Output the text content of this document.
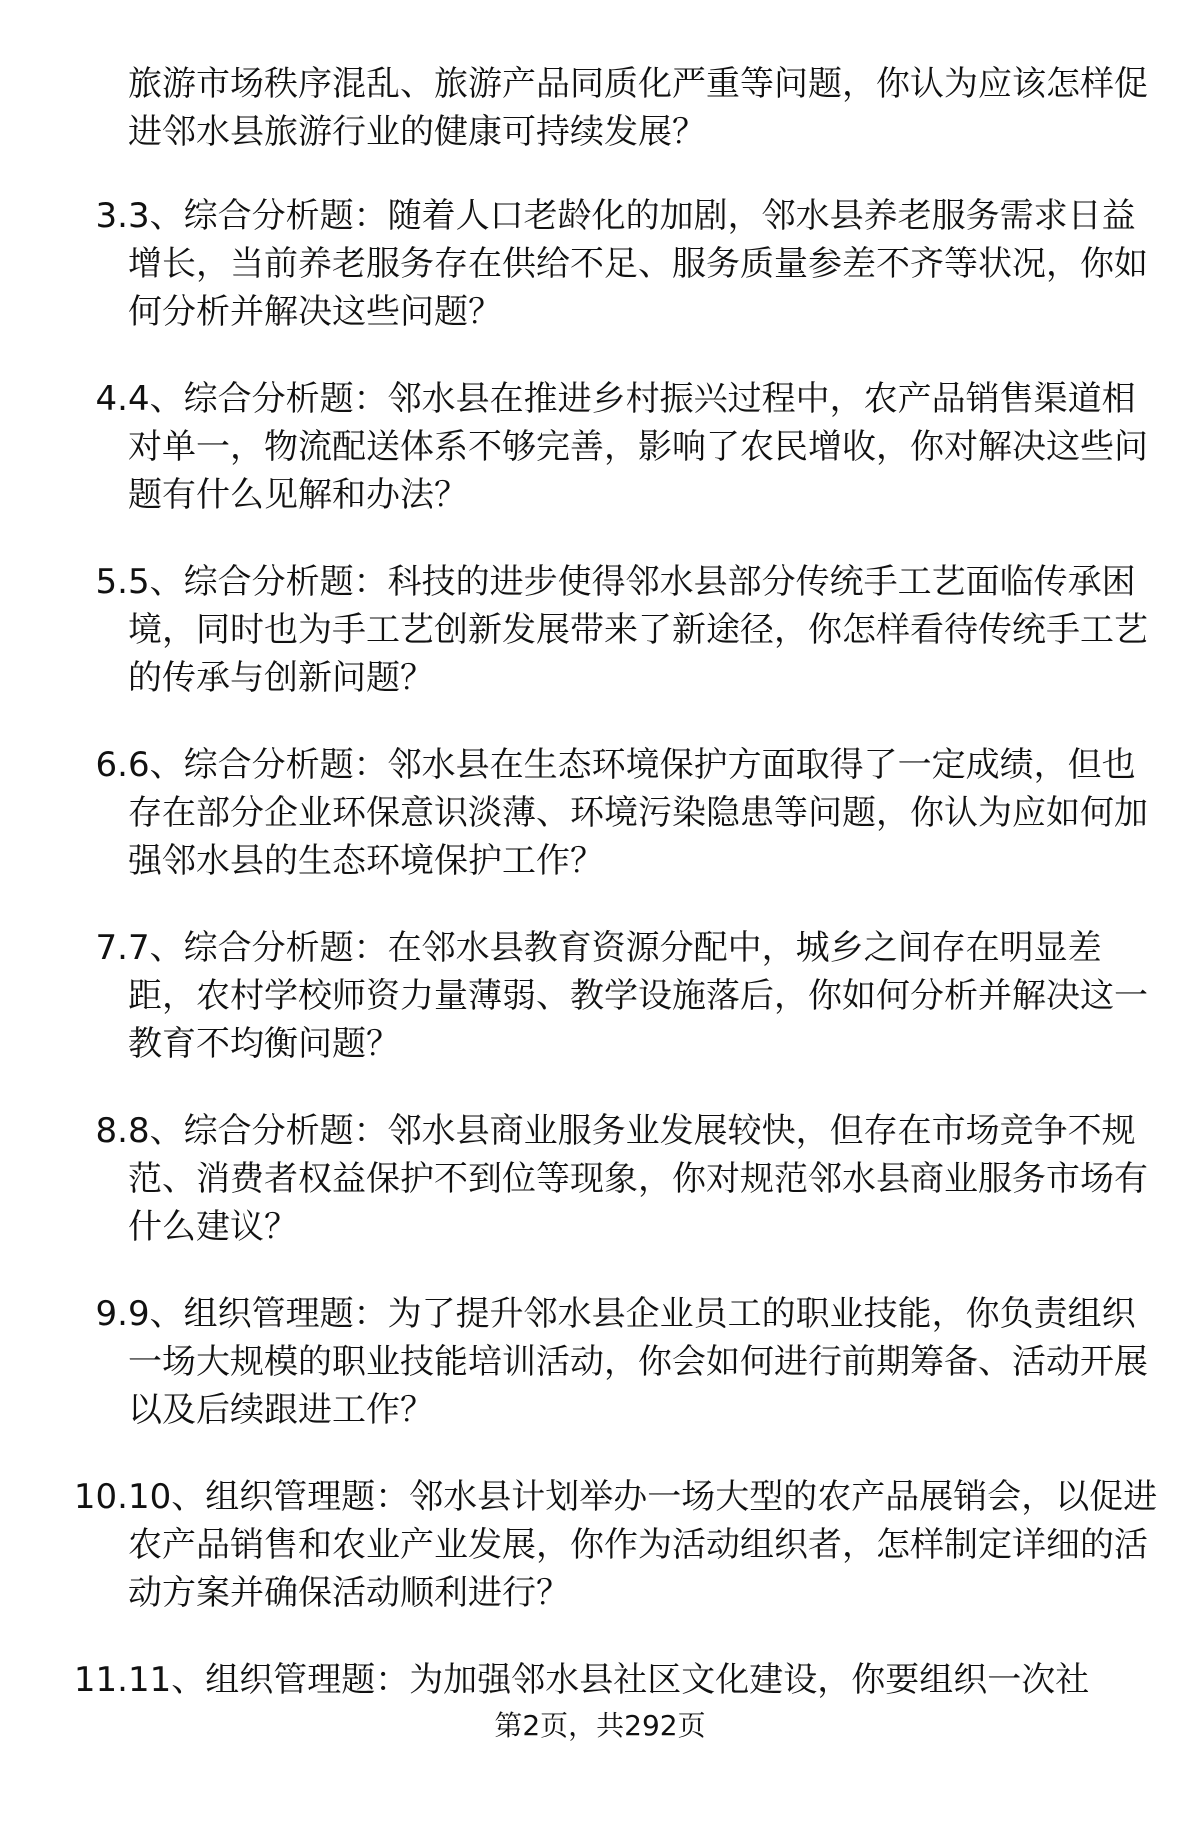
旅游市场秩序混乱、旅游产品同质化严重等问题，你认为应该怎样促进邻水县旅游行业的健康可持续发展？

3. 3、综合分析题：随着人口老龄化的加剧，邻水县养老服务需求日益增长，当前养老服务存在供给不足、服务质量参差不齐等状况，你如何分析并解决这些问题？

4. 4、综合分析题：邻水县在推进乡村振兴过程中，农产品销售渠道相对单一，物流配送体系不够完善，影响了农民增收，你对解决这些问题有什么见解和办法？

5. 5、综合分析题：科技的进步使得邻水县部分传统手工艺面临传承困境，同时也为手工艺创新发展带来了新途径，你怎样看待传统手工艺的传承与创新问题？

6. 6、综合分析题：邻水县在生态环境保护方面取得了一定成绩，但也存在部分企业环保意识淡薄、环境污染隐患等问题，你认为应如何加强邻水县的生态环境保护工作？

7. 7、综合分析题：在邻水县教育资源分配中，城乡之间存在明显差距，农村学校师资力量薄弱、教学设施落后，你如何分析并解决这一教育不均衡问题？

8. 8、综合分析题：邻水县商业服务业发展较快，但存在市场竞争不规范、消费者权益保护不到位等现象，你对规范邻水县商业服务市场有什么建议？

9. 9、组织管理题：为了提升邻水县企业员工的职业技能，你负责组织一场大规模的职业技能培训活动，你会如何进行前期筹备、活动开展以及后续跟进工作？

10. 10、组织管理题：邻水县计划举办一场大型的农产品展销会，以促进农产品销售和农业产业发展，你作为活动组织者，怎样制定详细的活动方案并确保活动顺利进行？

11. 11、组织管理题：为加强邻水县社区文化建设，你要组织一次社

第2页，共292页
